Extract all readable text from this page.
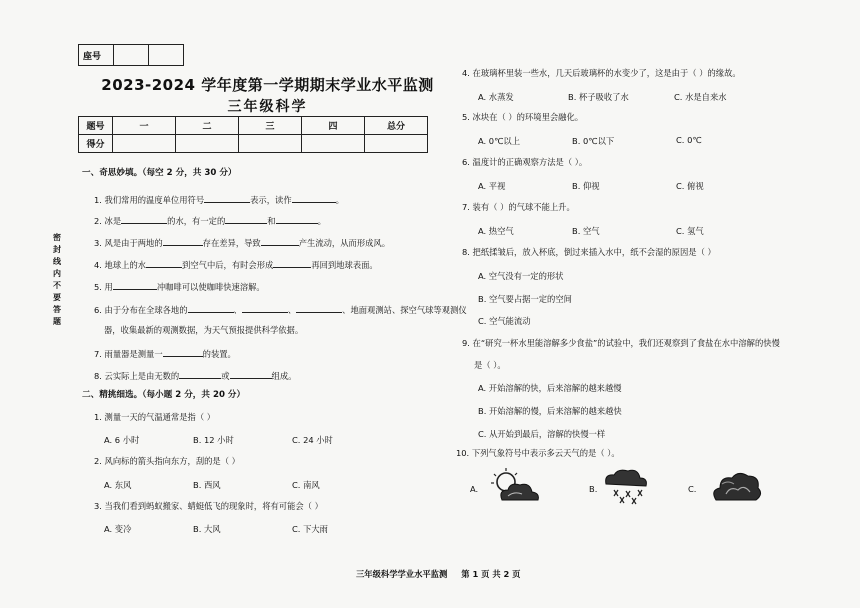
座号		
2023-2024 学年度第一学期期末学业水平监测
三年级科学
题号	一	二	三	四	总分
得分					
密
封
线
内
不
要
答
题
一、奇思妙填。（每空 2 分，共 30 分）
1. 我们常用的温度单位用符号	表示，读作	。
2. 冰是	的水，有一定的	和	。
3. 风是由于两地的	存在差异，导致	产生流动，从而形成风。
4. 地球上的水	到空气中后，有时会形成	再回到地球表面。
5. 用	冲咖啡可以使咖啡快速溶解。
6. 由于分布在全球各地的	、	、	、地面观测站、探空气球等观测仪
器，收集最新的观测数据，为天气预报提供科学依据。
7. 雨量器是测量一	的装置。
8. 云实际上是由无数的	或	组成。
二、精挑细选。（每小题 2 分，共 20 分）
1. 测量一天的气温通常是指（ ）
A. 6 小时	B. 12 小时	C. 24 小时
2. 风向标的箭头指向东方，刮的是（ ）
A. 东风	B. 西风	C. 南风
3. 当我们看到蚂蚁搬家、蜻蜓低飞的现象时，将有可能会（ ）
A. 变冷	B. 大风	C. 下大雨
4. 在玻璃杯里装一些水，几天后玻璃杯的水变少了，这是由于（ ）的缘故。
A. 水蒸发	B. 杯子吸收了水	C. 水是自来水
5. 冰块在（ ）的环境里会融化。
A. 0℃以上	B. 0℃以下	C. 0℃
6. 温度计的正确观察方法是（ ）。
A. 平视	B. 仰视	C. 俯视
7. 装有（ ）的气球不能上升。
A. 热空气	B. 空气	C. 氢气
8. 把纸揉皱后，放入杯底，倒过来插入水中，纸不会湿的原因是（ ）
A. 空气没有一定的形状
B. 空气要占据一定的空间
C. 空气能流动
9. 在“研究一杯水里能溶解多少食盐”的试验中，我们还观察到了食盐在水中溶解的快慢
是（ ）。
A. 开始溶解的快，后来溶解的越来越慢
B. 开始溶解的慢，后来溶解的越来越快
C. 从开始到最后，溶解的快慢一样
10. 下列气象符号中表示多云天气的是（ ）。
A.	B.	C.
三年级科学学业水平监测 第 1 页 共 2 页
